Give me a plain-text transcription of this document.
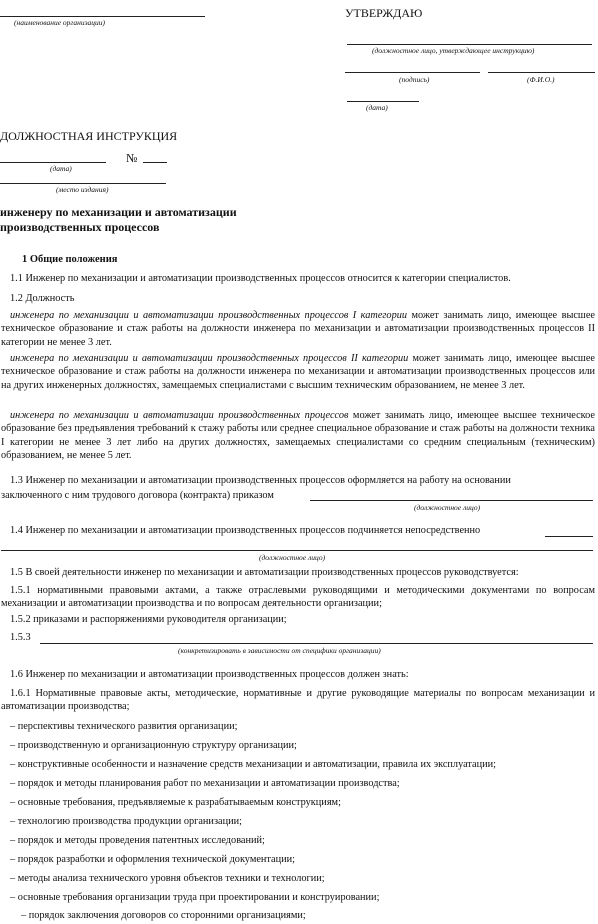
(наименование организации)
УТВЕРЖДАЮ
(должностное лицо, утверждающее инструкцию)
(подпись)	(Ф.И.О.)
(дата)
ДОЛЖНОСТНАЯ ИНСТРУКЦИЯ
№
(дата)
(место издания)
инженеру по механизации и автоматизации
производственных процессов
1 Общие положения
1.1 Инженер по механизации и автоматизации производственных процессов относится к категории специалистов.
1.2 Должность
инженера по механизации и автоматизации производственных процессов I категории может занимать лицо, имеющее высшее техническое образование и стаж работы на должности инженера по механизации и автоматизации производственных процессов II категории не менее 3 лет.
инженера по механизации и автоматизации производственных процессов II категории может занимать лицо, имеющее высшее техническое образование и стаж работы на должности инженера по механизации и автоматизации производственных процессов или на других инженерных должностях, замещаемых специалистами с высшим техническим образованием, не менее 3 лет.
инженера по механизации и автоматизации производственных процессов может занимать лицо, имеющее высшее техническое образование без предъявления требований к стажу работы или среднее специальное образование и стаж работы на должности техника I категории не менее 3 лет либо на других должностях, замещаемых специалистами со средним специальным (техническим) образованием, не менее 5 лет.
1.3 Инженер по механизации и автоматизации производственных процессов оформляется на работу на основании
заключенного с ним трудового договора (контракта) приказом
(должностное лицо)
1.4 Инженер по механизации и автоматизации производственных процессов подчиняется непосредственно
(должностное лицо)
1.5 В своей деятельности инженер по механизации и автоматизации производственных процессов руководствуется:
1.5.1 нормативными правовыми актами, а также отраслевыми руководящими и методическими документами по вопросам механизации и автоматизации производства и по вопросам деятельности организации;
1.5.2 приказами и распоряжениями руководителя организации;
1.5.3
(конкретизировать в зависимости от специфики организации)
1.6 Инженер по механизации и автоматизации производственных процессов должен знать:
1.6.1 Нормативные правовые акты, методические, нормативные и другие руководящие материалы по вопросам механизации и автоматизации производства;
– перспективы технического развития организации;
– производственную и организационную структуру организации;
– конструктивные особенности и назначение средств механизации и автоматизации, правила их эксплуатации;
– порядок и методы планирования работ по механизации и автоматизации производства;
– основные требования, предъявляемые к разрабатываемым конструкциям;
– технологию производства продукции организации;
– порядок и методы проведения патентных исследований;
– порядок разработки и оформления технической документации;
– методы анализа технического уровня объектов техники и технологии;
– основные требования организации труда при проектировании и конструировании;
– порядок заключения договоров со сторонними организациями;
